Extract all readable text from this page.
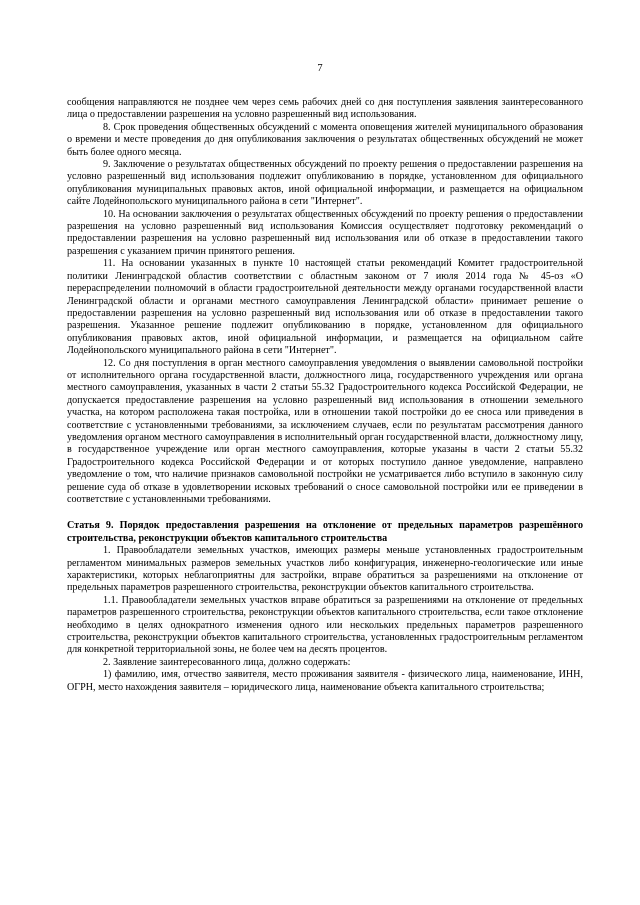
7

сообщения направляются не позднее чем через семь рабочих дней со дня поступления заявления заинтересованного лица о предоставлении разрешения на условно разрешенный вид использования.

8. Срок проведения общественных обсуждений с момента оповещения жителей муниципального образования о времени и месте проведения до дня опубликования заключения о результатах общественных обсуждений не может быть более одного месяца.

9. Заключение о результатах общественных обсуждений по проекту решения о предоставлении разрешения на условно разрешенный вид использования подлежит опубликованию в порядке, установленном для официального опубликования муниципальных правовых актов, иной официальной информации, и размещается на официальном сайте Лодейнопольского муниципального района в сети "Интернет".

10. На основании заключения о результатах общественных обсуждений по проекту решения о предоставлении разрешения на условно разрешенный вид использования Комиссия осуществляет подготовку рекомендаций о предоставлении разрешения на условно разрешенный вид использования или об отказе в предоставлении такого разрешения с указанием причин принятого решения.

11. На основании указанных в пункте 10 настоящей статьи рекомендаций Комитет градостроительной политики Ленинградской областив соответствии с областным законом от 7 июля 2014 года № 45-оз «О перераспределении полномочий в области градостроительной деятельности между органами государственной власти Ленинградской области и органами местного самоуправления Ленинградской области» принимает решение о предоставлении разрешения на условно разрешенный вид использования или об отказе в предоставлении такого разрешения. Указанное решение подлежит опубликованию в порядке, установленном для официального опубликования правовых актов, иной официальной информации, и размещается на официальном сайте Лодейнопольского муниципального района в сети "Интернет".

12. Со дня поступления в орган местного самоуправления уведомления о выявлении самовольной постройки от исполнительного органа государственной власти, должностного лица, государственного учреждения или органа местного самоуправления, указанных в части 2 статьи 55.32 Градостроительного кодекса Российской Федерации, не допускается предоставление разрешения на условно разрешенный вид использования в отношении земельного участка, на котором расположена такая постройка, или в отношении такой постройки до ее сноса или приведения в соответствие с установленными требованиями, за исключением случаев, если по результатам рассмотрения данного уведомления органом местного самоуправления в исполнительный орган государственной власти, должностному лицу, в государственное учреждение или орган местного самоуправления, которые указаны в части 2 статьи 55.32 Градостроительного кодекса Российской Федерации и от которых поступило данное уведомление, направлено уведомление о том, что наличие признаков самовольной постройки не усматривается либо вступило в законную силу решение суда об отказе в удовлетворении исковых требований о сносе самовольной постройки или ее приведении в соответствие с установленными требованиями.

Статья 9. Порядок предоставления разрешения на отклонение от предельных параметров разрешённого строительства, реконструкции объектов капитального строительства

1. Правообладатели земельных участков, имеющих размеры меньше установленных градостроительным регламентом минимальных размеров земельных участков либо конфигурация, инженерно-геологические или иные характеристики, которых неблагоприятны для застройки, вправе обратиться за разрешениями на отклонение от предельных параметров разрешенного строительства, реконструкции объектов капитального строительства.

1.1. Правообладатели земельных участков вправе обратиться за разрешениями на отклонение от предельных параметров разрешенного строительства, реконструкции объектов капитального строительства, если такое отклонение необходимо в целях однократного изменения одного или нескольких предельных параметров разрешенного строительства, реконструкции объектов капитального строительства, установленных градостроительным регламентом для конкретной территориальной зоны, не более чем на десять процентов.

2. Заявление заинтересованного лица, должно содержать:

1) фамилию, имя, отчество заявителя, место проживания заявителя - физического лица, наименование, ИНН, ОГРН, место нахождения заявителя – юридического лица, наименование объекта капитального строительства;
